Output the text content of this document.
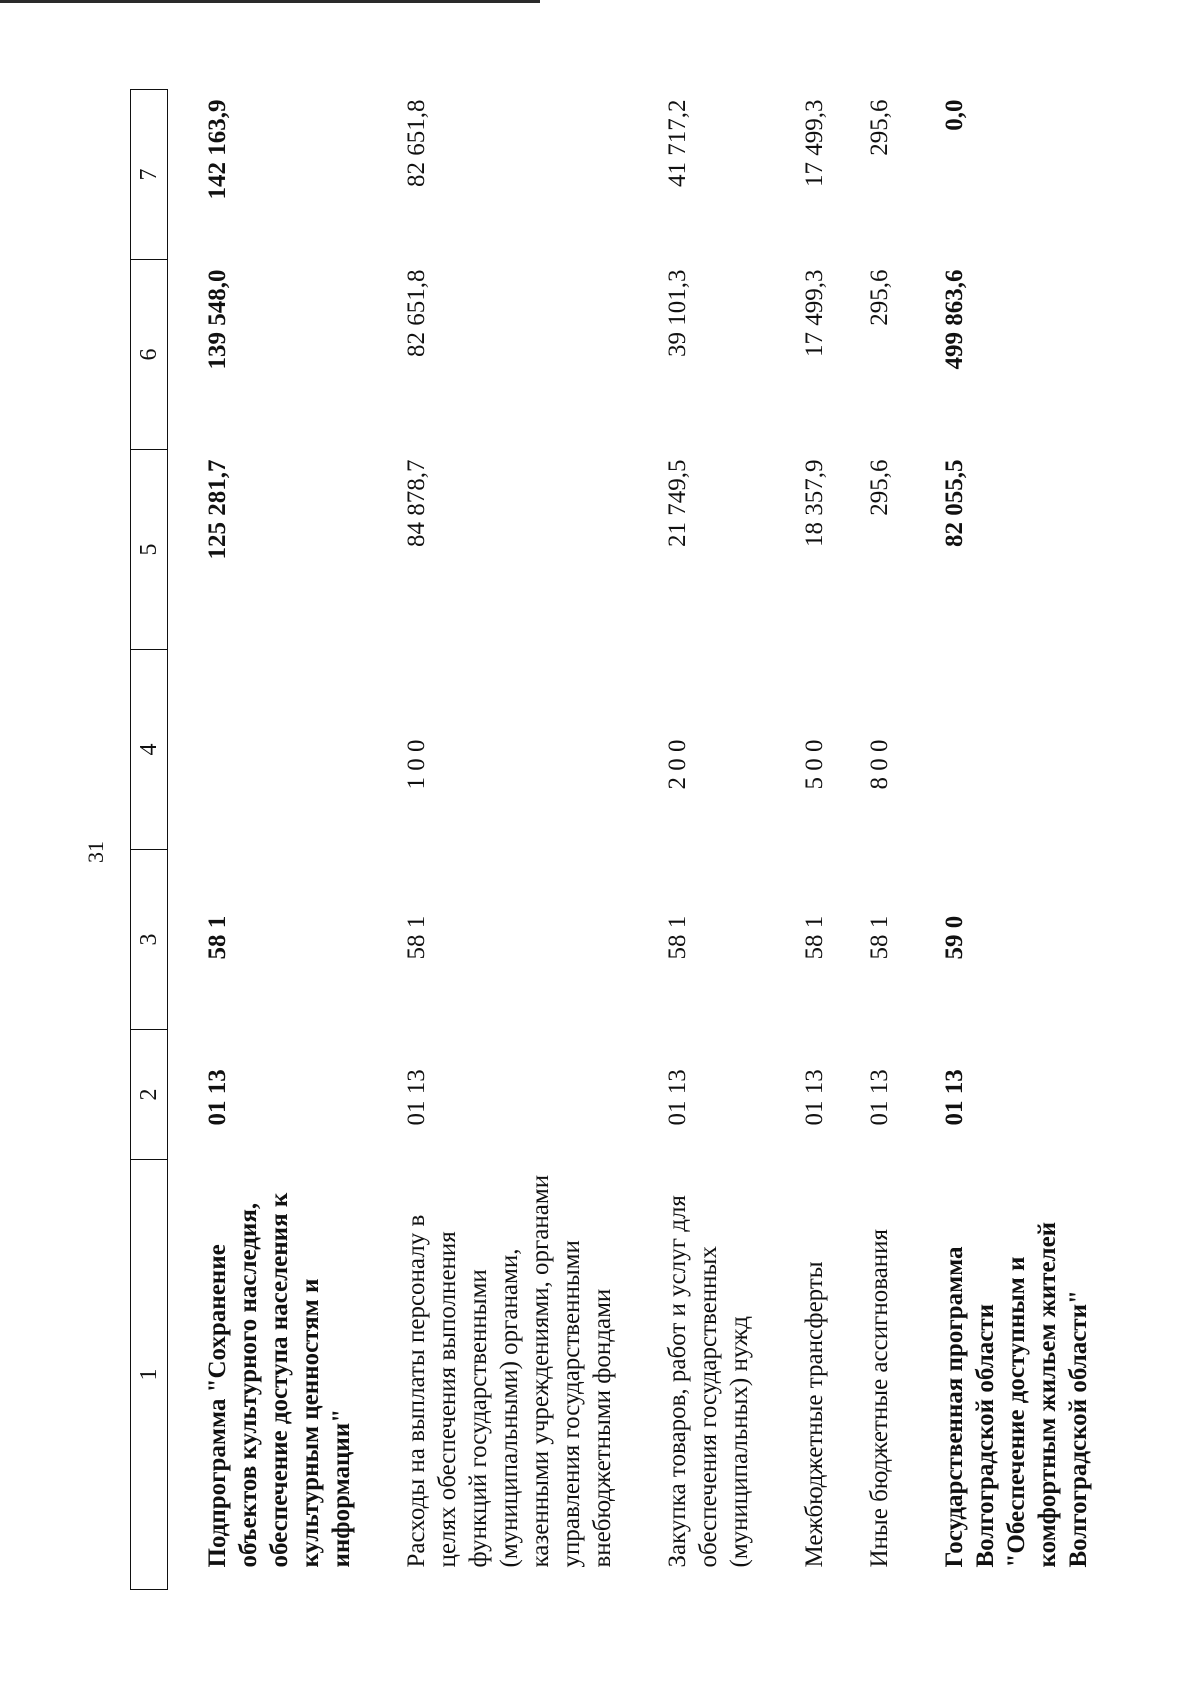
31
1	2	3	4	5	6	7

Подпрограмма "Сохранение объектов культурного наследия, обеспечение доступа населения к культурным ценностям и информации"	01 13	58 1		125 281,7	139 548,0	142 163,9

Расходы на выплаты персоналу в целях обеспечения выполнения функций государственными (муниципальными) органами, казенными учреждениями, органами управления государственными внебюджетными фондами	01 13	58 1	1 0 0	84 878,7	82 651,8	82 651,8

Закупка товаров, работ и услуг для обеспечения государственных (муниципальных) нужд	01 13	58 1	2 0 0	21 749,5	39 101,3	41 717,2

Межбюджетные трансферты	01 13	58 1	5 0 0	18 357,9	17 499,3	17 499,3

Иные бюджетные ассигнования	01 13	58 1	8 0 0	295,6	295,6	295,6

Государственная программа Волгоградской области "Обеспечение доступным и комфортным жильем жителей Волгоградской области"	01 13	59 0		82 055,5	499 863,6	0,0
